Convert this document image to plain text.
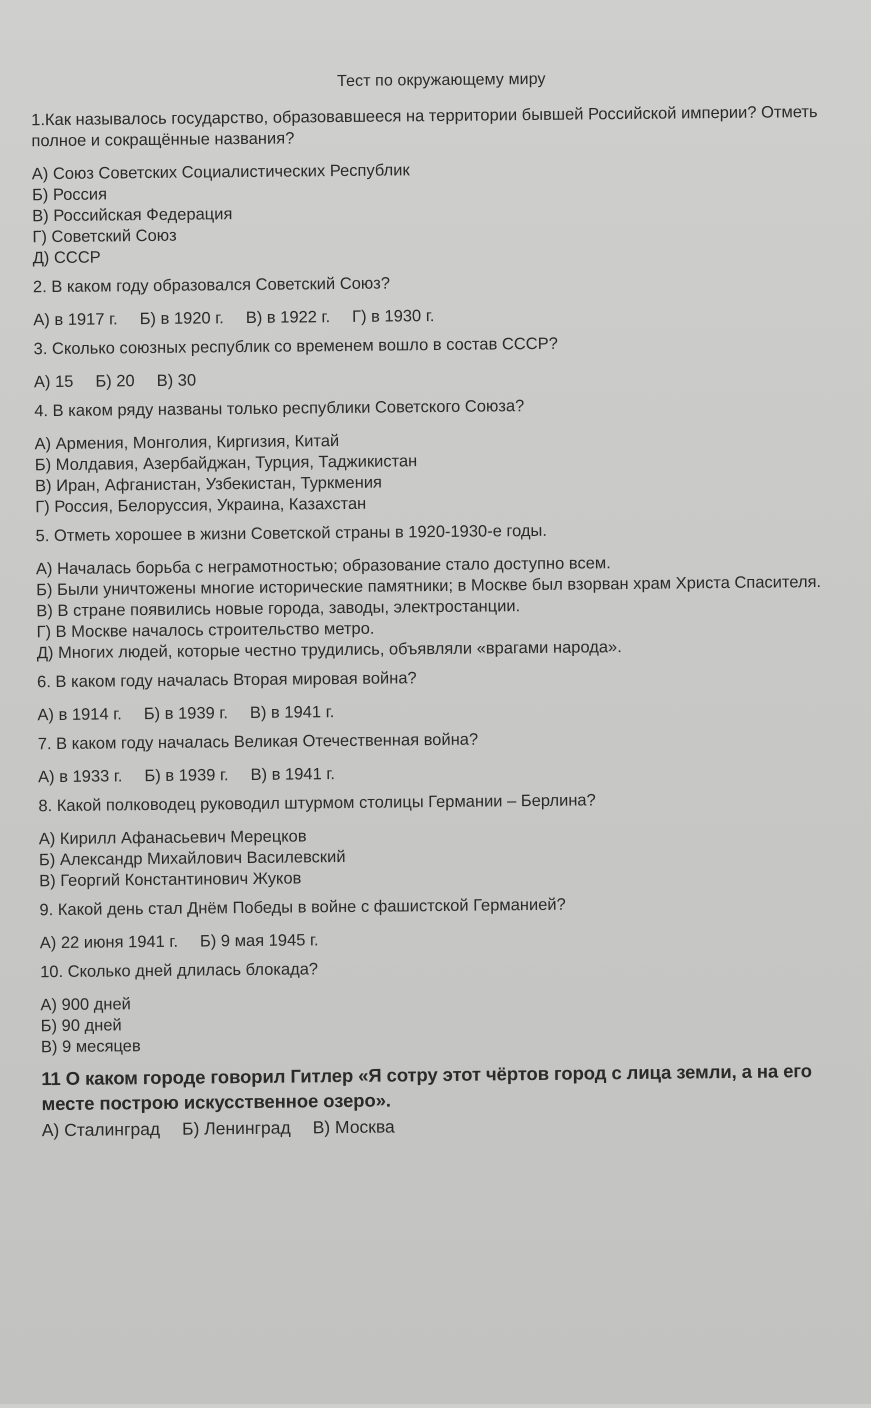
Тест по окружающему миру
1.Как называлось государство, образовавшееся на территории бывшей Российской империи? Отметь полное и сокращённые названия?
А) Союз Советских Социалистических Республик
Б) Россия
В) Российская Федерация
Г) Советский Союз
Д) СССР
2. В каком году образовался Советский Союз?
А) в 1917 г. Б) в 1920 г. В) в 1922 г. Г) в 1930 г.
3. Сколько союзных республик со временем вошло в состав СССР?
А) 15 Б) 20 В) 30
4. В каком ряду названы только республики Советского Союза?
А) Армения, Монголия, Киргизия, Китай
Б) Молдавия, Азербайджан, Турция, Таджикистан
В) Иран, Афганистан, Узбекистан, Туркмения
Г) Россия, Белоруссия, Украина, Казахстан
5. Отметь хорошее в жизни Советской страны в 1920-1930-е годы.
А) Началась борьба с неграмотностью; образование стало доступно всем.
Б) Были уничтожены многие исторические памятники; в Москве был взорван храм Христа Спасителя.
В) В стране появились новые города, заводы, электростанции.
Г) В Москве началось строительство метро.
Д) Многих людей, которые честно трудились, объявляли «врагами народа».
6. В каком году началась Вторая мировая война?
А) в 1914 г. Б) в 1939 г. В) в 1941 г.
7. В каком году началась Великая Отечественная война?
А) в 1933 г. Б) в 1939 г. В) в 1941 г.
8. Какой полководец руководил штурмом столицы Германии – Берлина?
А) Кирилл Афанасьевич Мерецков
Б) Александр Михайлович Василевский
В) Георгий Константинович Жуков
9. Какой день стал Днём Победы в войне с фашистской Германией?
А) 22 июня 1941 г. Б) 9 мая 1945 г.
10. Сколько дней длилась блокада?
А) 900 дней
Б) 90 дней
В) 9 месяцев
11 О каком городе говорил Гитлер «Я сотру этот чёртов город с лица земли, а на его месте построю искусственное озеро».
А) Сталинград Б) Ленинград В) Москва
